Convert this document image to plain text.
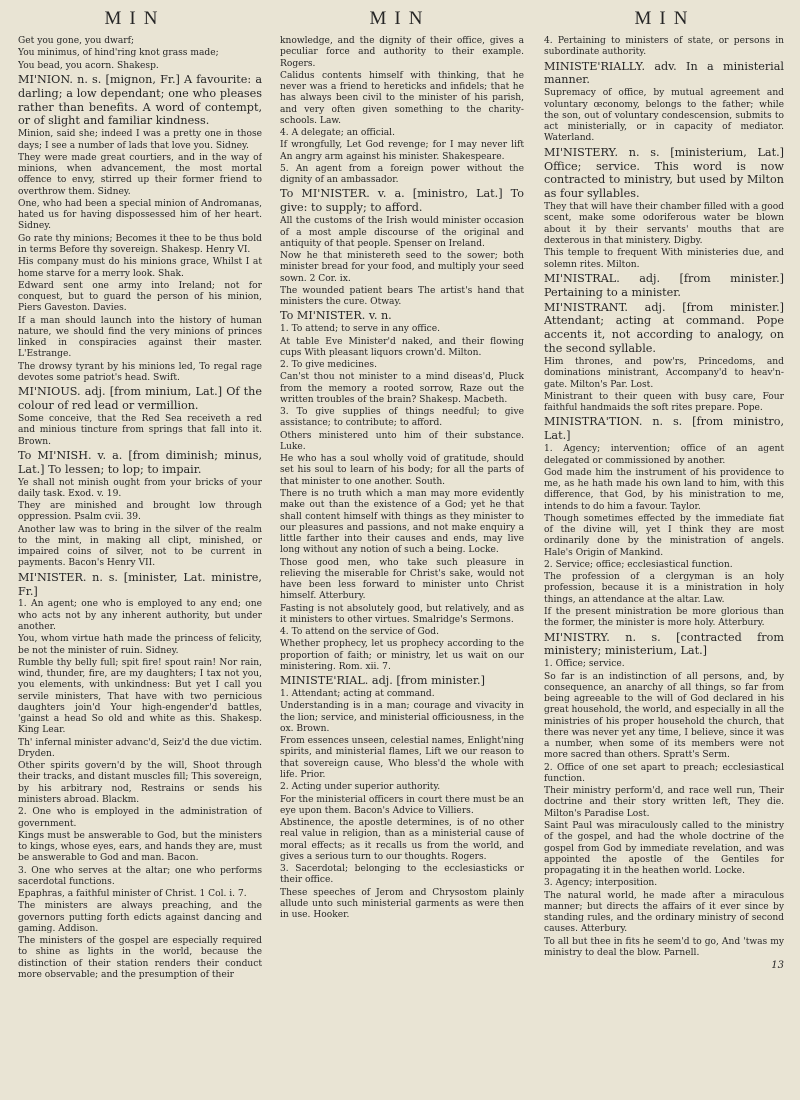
MIN	MIN	MIN

Get you gone, you dwarf;

You minimus, of hind'ring knot grass made;

You bead, you acorn. Shakesp.

MI'NION. n. s. [mignon, Fr.] A favourite: a darling; a low dependant; one who pleases rather than benefits. A word of contempt, or of slight and familiar kindness.

Minion, said she; indeed I was a pretty one in those days; I see a number of lads that love you. Sidney.

They were made great courtiers, and in the way of minions, when advancement, the most mortal offence to envy, stirred up their former friend to overthrow them. Sidney.

One, who had been a special minion of Andromanas, hated us for having dispossessed him of her heart. Sidney.

Go rate thy minions; Becomes it thee to be thus bold in terms Before thy sovereign. Shakesp. Henry VI.

His company must do his minions grace, Whilst I at home starve for a merry look. Shak.

Edward sent one army into Ireland; not for conquest, but to guard the person of his minion, Piers Gaveston. Davies.

If a man should launch into the history of human nature, we should find the very minions of princes linked in conspiracies against their master. L'Estrange.

The drowsy tyrant by his minions led, To regal rage devotes some patriot's head. Swift.

MI'NIOUS. adj. [from minium, Lat.] Of the colour of red lead or vermillion.

Some conceive, that the Red Sea receiveth a red and minious tincture from springs that fall into it. Brown.

To MI'NISH. v. a. [from diminish; minus, Lat.] To lessen; to lop; to impair.

Ye shall not minish ought from your bricks of your daily task. Exod. v. 19.

They are minished and brought low through oppression. Psalm cvii. 39.

Another law was to bring in the silver of the realm to the mint, in making all clipt, minished, or impaired coins of silver, not to be current in payments. Bacon's Henry VII.

MI'NISTER. n. s. [minister, Lat. ministre, Fr.]

1. An agent; one who is employed to any end; one who acts not by any inherent authority, but under another.

You, whom virtue hath made the princess of felicity, be not the minister of ruin. Sidney.

Rumble thy belly full; spit fire! spout rain! Nor rain, wind, thunder, fire, are my daughters; I tax not you, you elements, with unkindness: But yet I call you servile ministers, That have with two pernicious daughters join'd Your high-engender'd battles, 'gainst a head So old and white as this. Shakesp. King Lear.

Th' infernal minister advanc'd, Seiz'd the due victim. Dryden.

Other spirits govern'd by the will, Shoot through their tracks, and distant muscles fill; This sovereign, by his arbitrary nod, Restrains or sends his ministers abroad. Blackm.

2. One who is employed in the administration of government.

Kings must be answerable to God, but the ministers to kings, whose eyes, ears, and hands they are, must be answerable to God and man. Bacon.

3. One who serves at the altar; one who performs sacerdotal functions.

Epaphras, a faithful minister of Christ. 1 Col. i. 7.

The ministers are always preaching, and the governors putting forth edicts against dancing and gaming. Addison.

The ministers of the gospel are especially required to shine as lights in the world, because the distinction of their station renders their conduct more observable; and the presumption of their

knowledge, and the dignity of their office, gives a peculiar force and authority to their example. Rogers.

Calidus contents himself with thinking, that he never was a friend to hereticks and infidels; that he has always been civil to the minister of his parish, and very often given something to the charity-schools. Law.

4. A delegate; an official.

If wrongfully, Let God revenge; for I may never lift An angry arm against his minister. Shakespeare.

5. An agent from a foreign power without the dignity of an ambassador.

To MI'NISTER. v. a. [ministro, Lat.] To give: to supply; to afford.

All the customs of the Irish would minister occasion of a most ample discourse of the original and antiquity of that people. Spenser on Ireland.

Now he that ministereth seed to the sower; both minister bread for your food, and multiply your seed sown. 2 Cor. ix.

The wounded patient bears The artist's hand that ministers the cure. Otway.

To MI'NISTER. v. n.

1. To attend; to serve in any office.

At table Eve Minister'd naked, and their flowing cups With pleasant liquors crown'd. Milton.

2. To give medicines.

Can'st thou not minister to a mind diseas'd, Pluck from the memory a rooted sorrow, Raze out the written troubles of the brain? Shakesp. Macbeth.

3. To give supplies of things needful; to give assistance; to contribute; to afford.

Others ministered unto him of their substance. Luke.

He who has a soul wholly void of gratitude, should set his soul to learn of his body; for all the parts of that minister to one another. South.

There is no truth which a man may more evidently make out than the existence of a God; yet he that shall content himself with things as they minister to our pleasures and passions, and not make enquiry a little farther into their causes and ends, may live long without any notion of such a being. Locke.

Those good men, who take such pleasure in relieving the miserable for Christ's sake, would not have been less forward to minister unto Christ himself. Atterbury.

Fasting is not absolutely good, but relatively, and as it ministers to other virtues. Smalridge's Sermons.

4. To attend on the service of God.

Whether prophecy, let us prophecy according to the proportion of faith; or ministry, let us wait on our ministering. Rom. xii. 7.

MINISTE'RIAL. adj. [from minister.]

1. Attendant; acting at command.

Understanding is in a man; courage and vivacity in the lion; service, and ministerial officiousness, in the ox. Brown.

From essences unseen, celestial names, Enlight'ning spirits, and ministerial flames, Lift we our reason to that sovereign cause, Who bless'd the whole with life. Prior.

2. Acting under superior authority.

For the ministerial officers in court there must be an eye upon them. Bacon's Advice to Villiers.

Abstinence, the apostle determines, is of no other real value in religion, than as a ministerial cause of moral effects; as it recalls us from the world, and gives a serious turn to our thoughts. Rogers.

3. Sacerdotal; belonging to the ecclesiasticks or their office.

These speeches of Jerom and Chrysostom plainly allude unto such ministerial garments as were then in use. Hooker.

4. Pertaining to ministers of state, or persons in subordinate authority.

MINISTE'RIALLY. adv. In a ministerial manner.

Supremacy of office, by mutual agreement and voluntary œconomy, belongs to the father; while the son, out of voluntary condescension, submits to act ministerially, or in capacity of mediator. Waterland.

MI'NISTERY. n. s. [ministerium, Lat.] Office; service. This word is now contracted to ministry, but used by Milton as four syllables.

They that will have their chamber filled with a good scent, make some odoriferous water be blown about it by their servants' mouths that are dexterous in that ministery. Digby.

This temple to frequent With ministeries due, and solemn rites. Milton.

MI'NISTRAL. adj. [from minister.] Pertaining to a minister.

MI'NISTRANT. adj. [from minister.] Attendant; acting at command. Pope accents it, not according to analogy, on the second syllable.

Him thrones, and pow'rs, Princedoms, and dominations ministrant, Accompany'd to heav'n-gate. Milton's Par. Lost.

Ministrant to their queen with busy care, Four faithful handmaids the soft rites prepare. Pope.

MINISTRA'TION. n. s. [from ministro, Lat.]

1. Agency; intervention; office of an agent delegated or commissioned by another.

God made him the instrument of his providence to me, as he hath made his own land to him, with this difference, that God, by his ministration to me, intends to do him a favour. Taylor.

Though sometimes effected by the immediate fiat of the divine will, yet I think they are most ordinarily done by the ministration of angels. Hale's Origin of Mankind.

2. Service; office; ecclesiastical function.

The profession of a clergyman is an holy profession, because it is a ministration in holy things, an attendance at the altar. Law.

If the present ministration be more glorious than the former, the minister is more holy. Atterbury.

MI'NISTRY. n. s. [contracted from ministery; ministerium, Lat.]

1. Office; service.

So far is an indistinction of all persons, and, by consequence, an anarchy of all things, so far from being agreeable to the will of God declared in his great household, the world, and especially in all the ministries of his proper household the church, that there was never yet any time, I believe, since it was a number, when some of its members were not more sacred than others. Spratt's Serm.

2. Office of one set apart to preach; ecclesiastical function.

Their ministry perform'd, and race well run, Their doctrine and their story written left, They die. Milton's Paradise Lost.

Saint Paul was miraculously called to the ministry of the gospel, and had the whole doctrine of the gospel from God by immediate revelation, and was appointed the apostle of the Gentiles for propagating it in the heathen world. Locke.

3. Agency; interposition.

The natural world, he made after a miraculous manner; but directs the affairs of it ever since by standing rules, and the ordinary ministry of second causes. Atterbury.

To all but thee in fits he seem'd to go, And 'twas my ministry to deal the blow. Parnell.

13
